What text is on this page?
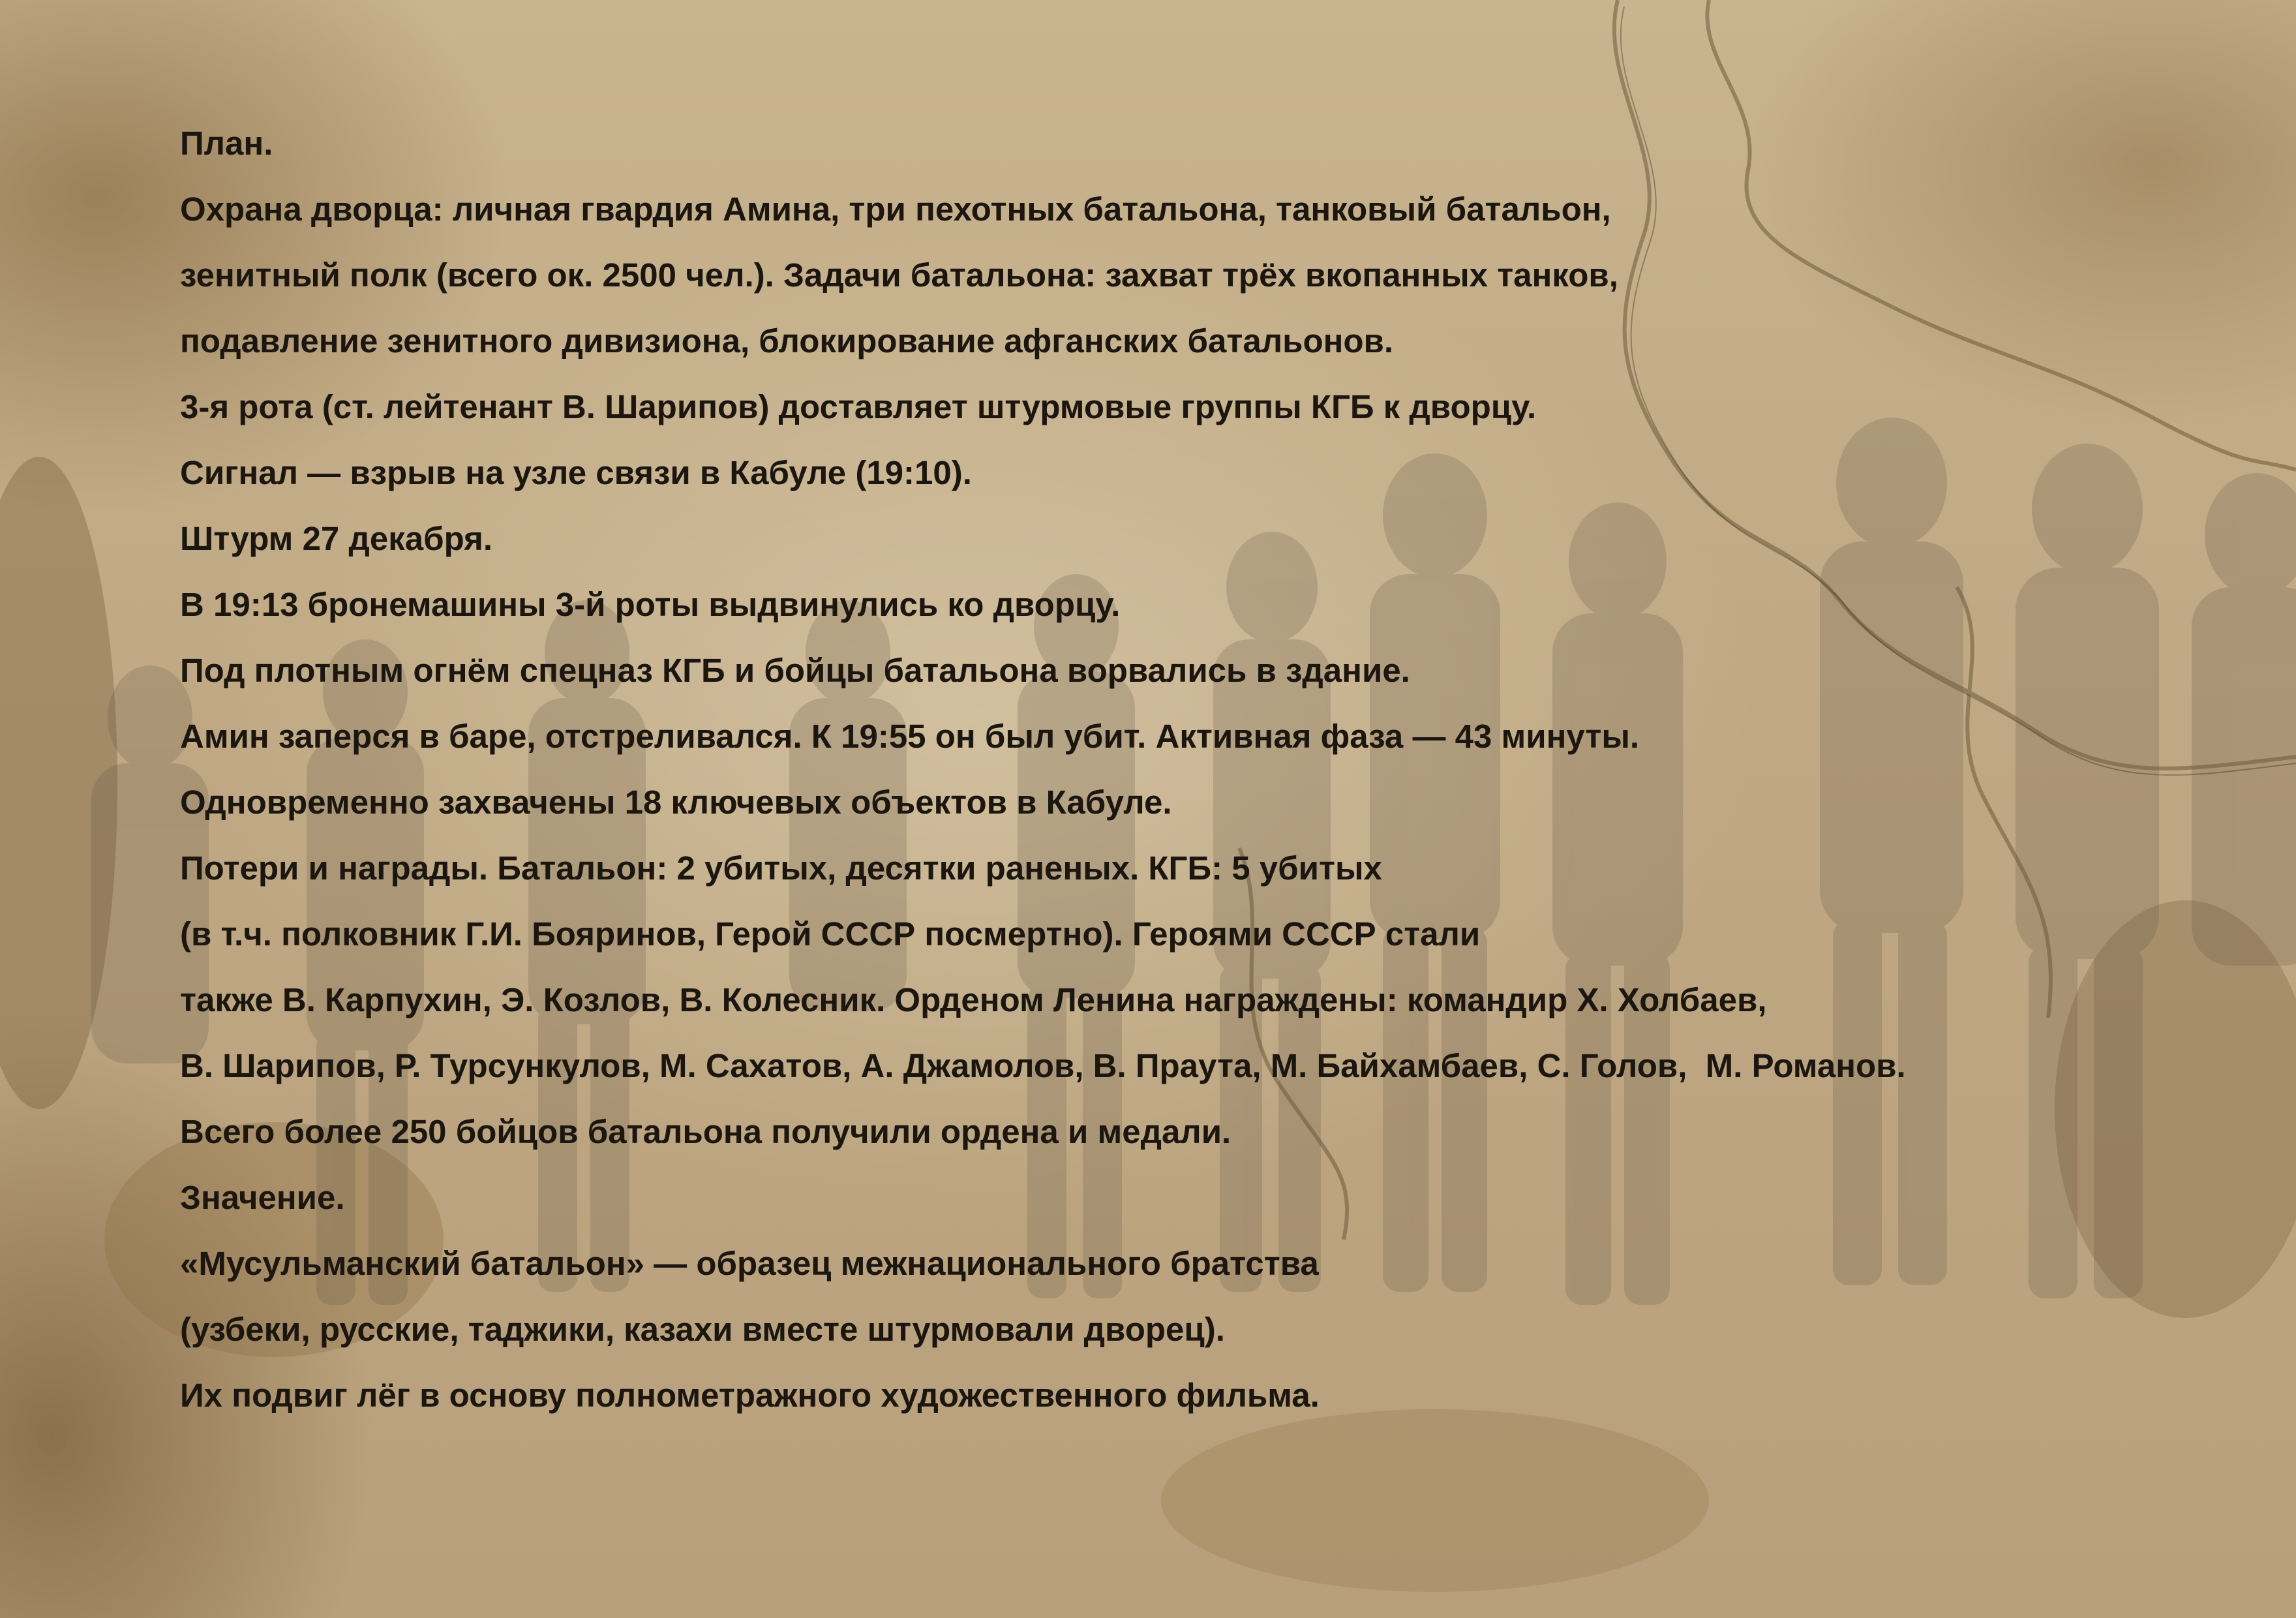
План.

Охрана дворца: личная гвардия Амина, три пехотных батальона, танковый батальон,

зенитный полк (всего ок. 2500 чел.). Задачи батальона: захват трёх вкопанных танков,

подавление зенитного дивизиона, блокирование афганских батальонов.

3-я рота (ст. лейтенант В. Шарипов) доставляет штурмовые группы КГБ к дворцу.

Сигнал — взрыв на узле связи в Кабуле (19:10).

Штурм 27 декабря.

В 19:13 бронемашины 3-й роты выдвинулись ко дворцу.

Под плотным огнём спецназ КГБ и бойцы батальона ворвались в здание.

Амин заперся в баре, отстреливался. К 19:55 он был убит. Активная фаза — 43 минуты.

Одновременно захвачены 18 ключевых объектов в Кабуле.

Потери и награды. Батальон: 2 убитых, десятки раненых. КГБ: 5 убитых

(в т.ч. полковник Г.И. Бояринов, Герой СССР посмертно). Героями СССР стали

также В. Карпухин, Э. Козлов, В. Колесник. Орденом Ленина награждены: командир Х. Холбаев,

В. Шарипов, Р. Турсункулов, М. Сахатов, А. Джамолов, В. Праута, М. Байхамбаев, С. Голов,  М. Романов.

Всего более 250 бойцов батальона получили ордена и медали.

Значение.

«Мусульманский батальон» — образец межнационального братства

(узбеки, русские, таджики, казахи вместе штурмовали дворец).

Их подвиг лёг в основу полнометражного художественного фильма.
